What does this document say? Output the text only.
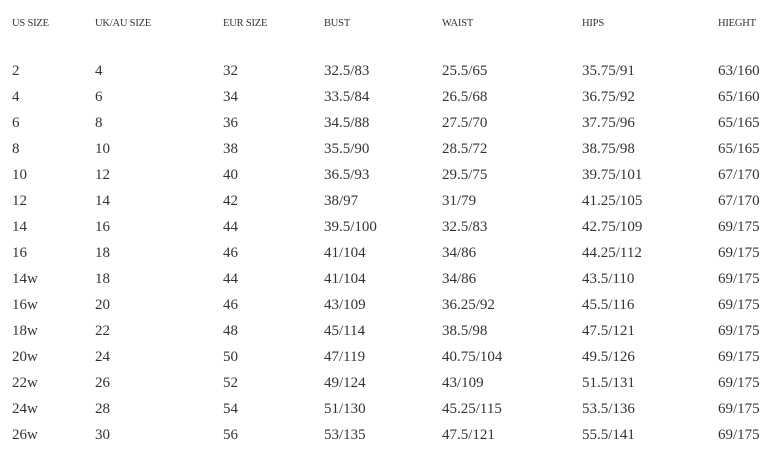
	US SIZE	UK/AU SIZE	EUR SIZE	BUST	WAIST	HIPS	HIEGHT
	2	4	32	32.5/83	25.5/65	35.75/91	63/160
	4	6	34	33.5/84	26.5/68	36.75/92	65/160
	6	8	36	34.5/88	27.5/70	37.75/96	65/165
	8	10	38	35.5/90	28.5/72	38.75/98	65/165
	10	12	40	36.5/93	29.5/75	39.75/101	67/170
	12	14	42	38/97	31/79	41.25/105	67/170
	14	16	44	39.5/100	32.5/83	42.75/109	69/175
	16	18	46	41/104	34/86	44.25/112	69/175
	14w	18	44	41/104	34/86	43.5/110	69/175
	16w	20	46	43/109	36.25/92	45.5/116	69/175
	18w	22	48	45/114	38.5/98	47.5/121	69/175
	20w	24	50	47/119	40.75/104	49.5/126	69/175
	22w	26	52	49/124	43/109	51.5/131	69/175
	24w	28	54	51/130	45.25/115	53.5/136	69/175
	26w	30	56	53/135	47.5/121	55.5/141	69/175
